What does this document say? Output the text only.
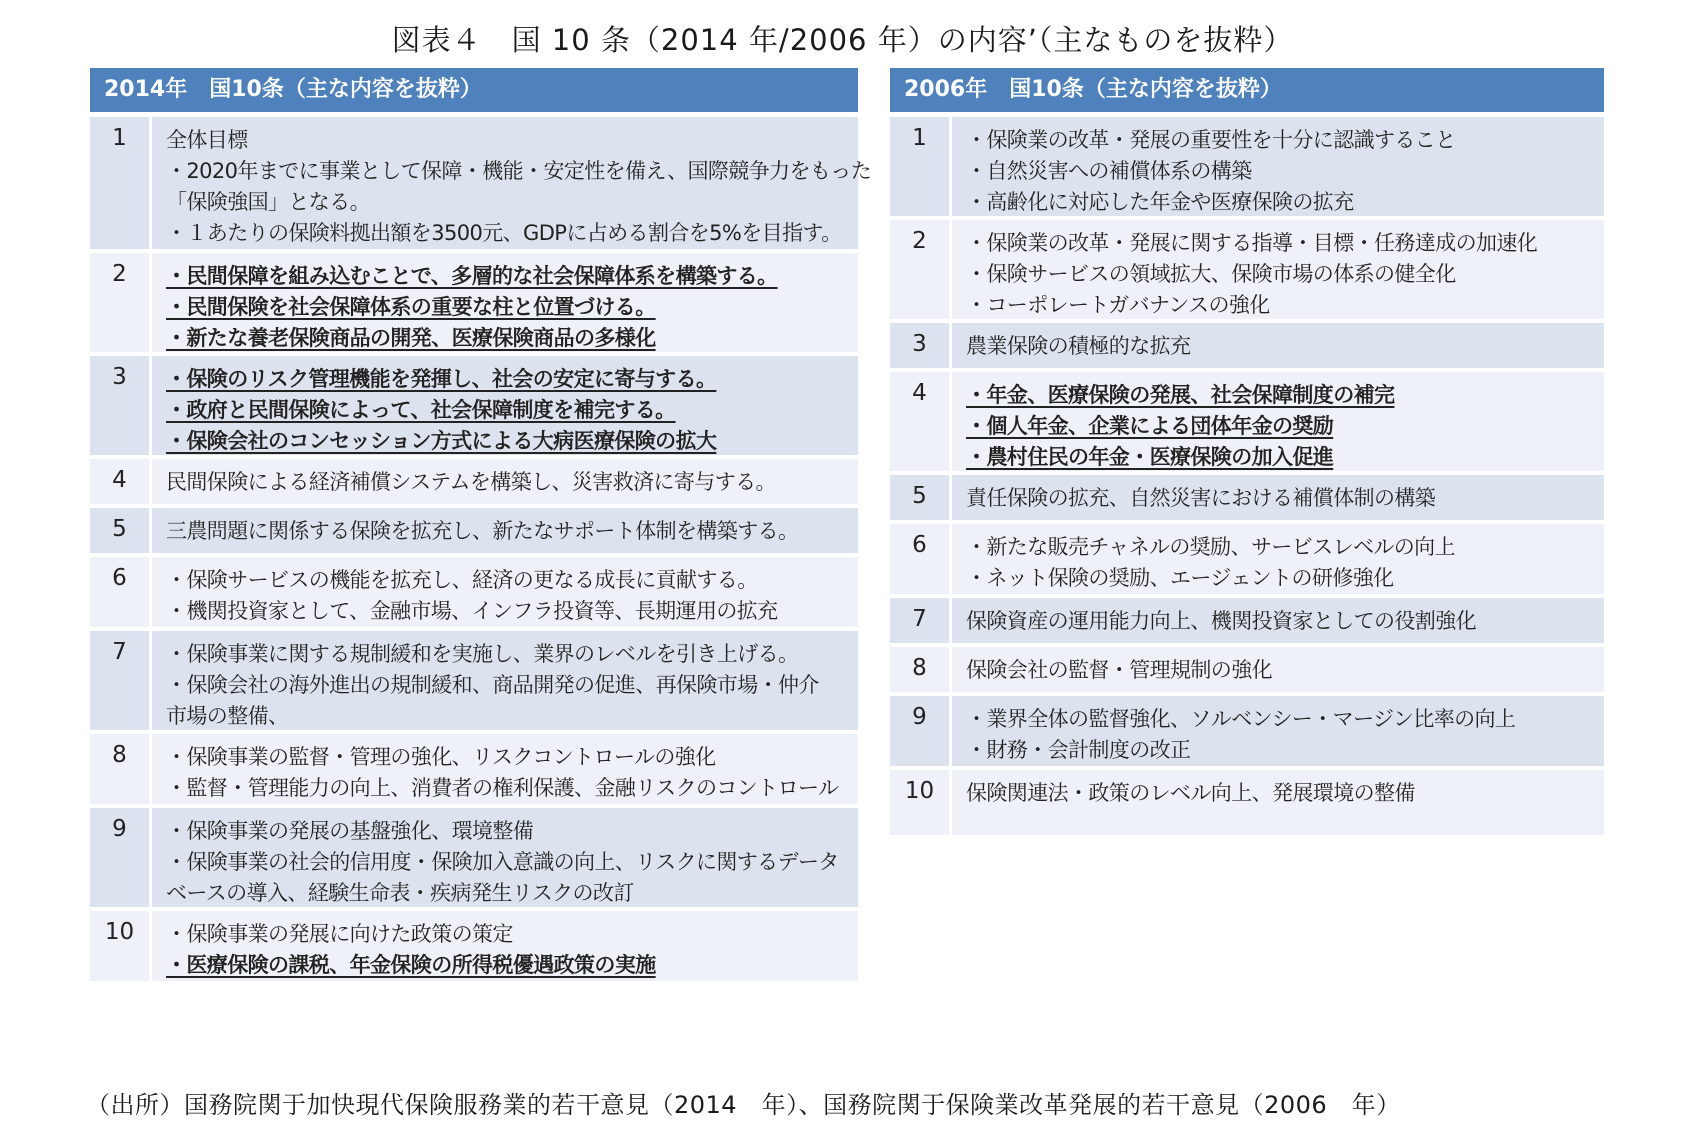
図表４　国 10 条（2014 年/2006 年）の内容’（主なものを抜粋）
2014年　国10条（主な内容を抜粋）
1	全体目標
・2020年までに事業として保障・機能・安定性を備え、国際競争力をもった
「保険強国」となる。
・１あたりの保険料拠出額を3500元、GDPに占める割合を5%を目指す。
2	・民間保障を組み込むことで、多層的な社会保障体系を構築する。
・民間保険を社会保障体系の重要な柱と位置づける。
・新たな養老保険商品の開発、医療保険商品の多様化
3	・保険のリスク管理機能を発揮し、社会の安定に寄与する。
・政府と民間保険によって、社会保障制度を補完する。
・保険会社のコンセッション方式による大病医療保険の拡大
4	民間保険による経済補償システムを構築し、災害救済に寄与する。
5	三農問題に関係する保険を拡充し、新たなサポート体制を構築する。
6	・保険サービスの機能を拡充し、経済の更なる成長に貢献する。
・機関投資家として、金融市場、インフラ投資等、長期運用の拡充
7	・保険事業に関する規制緩和を実施し、業界のレベルを引き上げる。
・保険会社の海外進出の規制緩和、商品開発の促進、再保険市場・仲介
市場の整備、
8	・保険事業の監督・管理の強化、リスクコントロールの強化
・監督・管理能力の向上、消費者の権利保護、金融リスクのコントロール
9	・保険事業の発展の基盤強化、環境整備
・保険事業の社会的信用度・保険加入意識の向上、リスクに関するデータ
ベースの導入、経験生命表・疾病発生リスクの改訂
10	・保険事業の発展に向けた政策の策定
・医療保険の課税、年金保険の所得税優遇政策の実施
2006年　国10条（主な内容を抜粋）
1	・保険業の改革・発展の重要性を十分に認識すること
・自然災害への補償体系の構築
・高齢化に対応した年金や医療保険の拡充
2	・保険業の改革・発展に関する指導・目標・任務達成の加速化
・保険サービスの領域拡大、保険市場の体系の健全化
・コーポレートガバナンスの強化
3	農業保険の積極的な拡充
4	・年金、医療保険の発展、社会保障制度の補完
・個人年金、企業による団体年金の奨励
・農村住民の年金・医療保険の加入促進
5	責任保険の拡充、自然災害における補償体制の構築
6	・新たな販売チャネルの奨励、サービスレベルの向上
・ネット保険の奨励、エージェントの研修強化
7	保険資産の運用能力向上、機関投資家としての役割強化
8	保険会社の監督・管理規制の強化
9	・業界全体の監督強化、ソルベンシー・マージン比率の向上
・財務・会計制度の改正
10	保険関連法・政策のレベル向上、発展環境の整備
（出所）国務院関于加快現代保険服務業的若干意見（2014　年）、国務院関于保険業改革発展的若干意見（2006　年）
